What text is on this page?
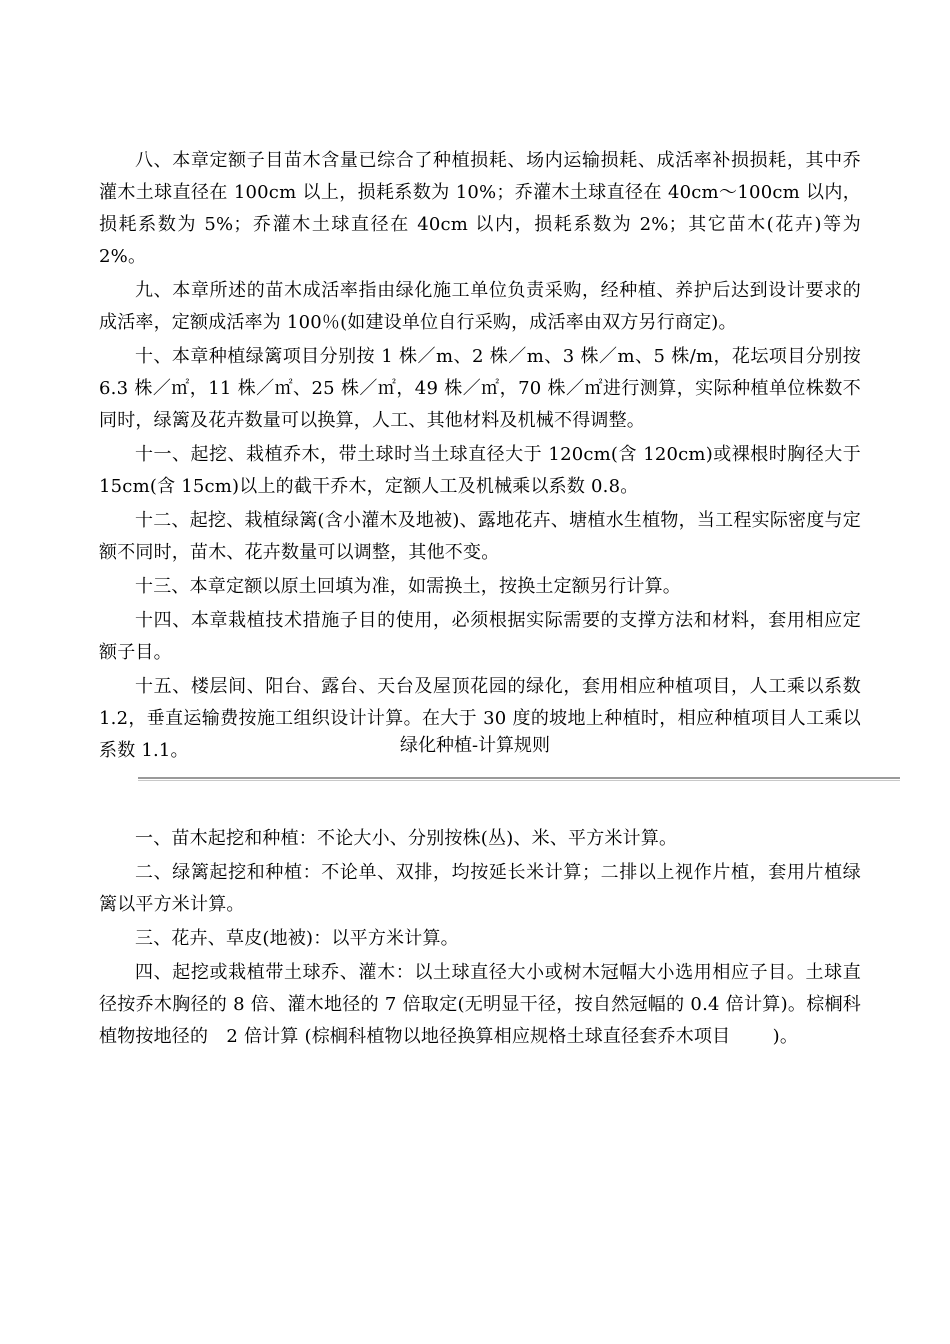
八、本章定额子目苗木含量已综合了种植损耗、场内运输损耗、成活率补损损耗，其中乔灌木土球直径在 100cm 以上，损耗系数为 10%；乔灌木土球直径在 40cm～100cm 以内，损耗系数为 5%；乔灌木土球直径在 40cm 以内，损耗系数为 2%；其它苗木(花卉)等为 2%。

九、本章所述的苗木成活率指由绿化施工单位负责采购，经种植、养护后达到设计要求的成活率，定额成活率为 100％(如建设单位自行采购，成活率由双方另行商定)。

十、本章种植绿篱项目分别按 1 株／m、2 株／m、3 株／m、5 株/m，花坛项目分别按 6.3 株／㎡，11 株／㎡、25 株／㎡，49 株／㎡，70 株／㎡进行测算，实际种植单位株数不同时，绿篱及花卉数量可以换算，人工、其他材料及机械不得调整。

十一、起挖、栽植乔木，带土球时当土球直径大于 120cm(含 120cm)或裸根时胸径大于 15cm(含 15cm)以上的截干乔木，定额人工及机械乘以系数 0.8。

十二、起挖、栽植绿篱(含小灌木及地被)、露地花卉、塘植水生植物，当工程实际密度与定额不同时，苗木、花卉数量可以调整，其他不变。

十三、本章定额以原土回填为准，如需换土，按换土定额另行计算。

十四、本章栽植技术措施子目的使用，必须根据实际需要的支撑方法和材料，套用相应定额子目。

十五、楼层间、阳台、露台、天台及屋顶花园的绿化，套用相应种植项目，人工乘以系数 1.2，垂直运输费按施工组织设计计算。在大于 30 度的坡地上种植时，相应种植项目人工乘以系数 1.1。	绿化种植-计算规则

一、苗木起挖和种植：不论大小、分别按株(丛)、米、平方米计算。

二、绿篱起挖和种植：不论单、双排，均按延长米计算；二排以上视作片植，套用片植绿篱以平方米计算。

三、花卉、草皮(地被)：以平方米计算。

四、起挖或栽植带土球乔、灌木：以土球直径大小或树木冠幅大小选用相应子目。土球直径按乔木胸径的 8 倍、灌木地径的 7 倍取定(无明显干径，按自然冠幅的 0.4 倍计算)。棕榈科植物按地径的　2 倍计算 (棕榈科植物以地径换算相应规格土球直径套乔木项目　　 )。
